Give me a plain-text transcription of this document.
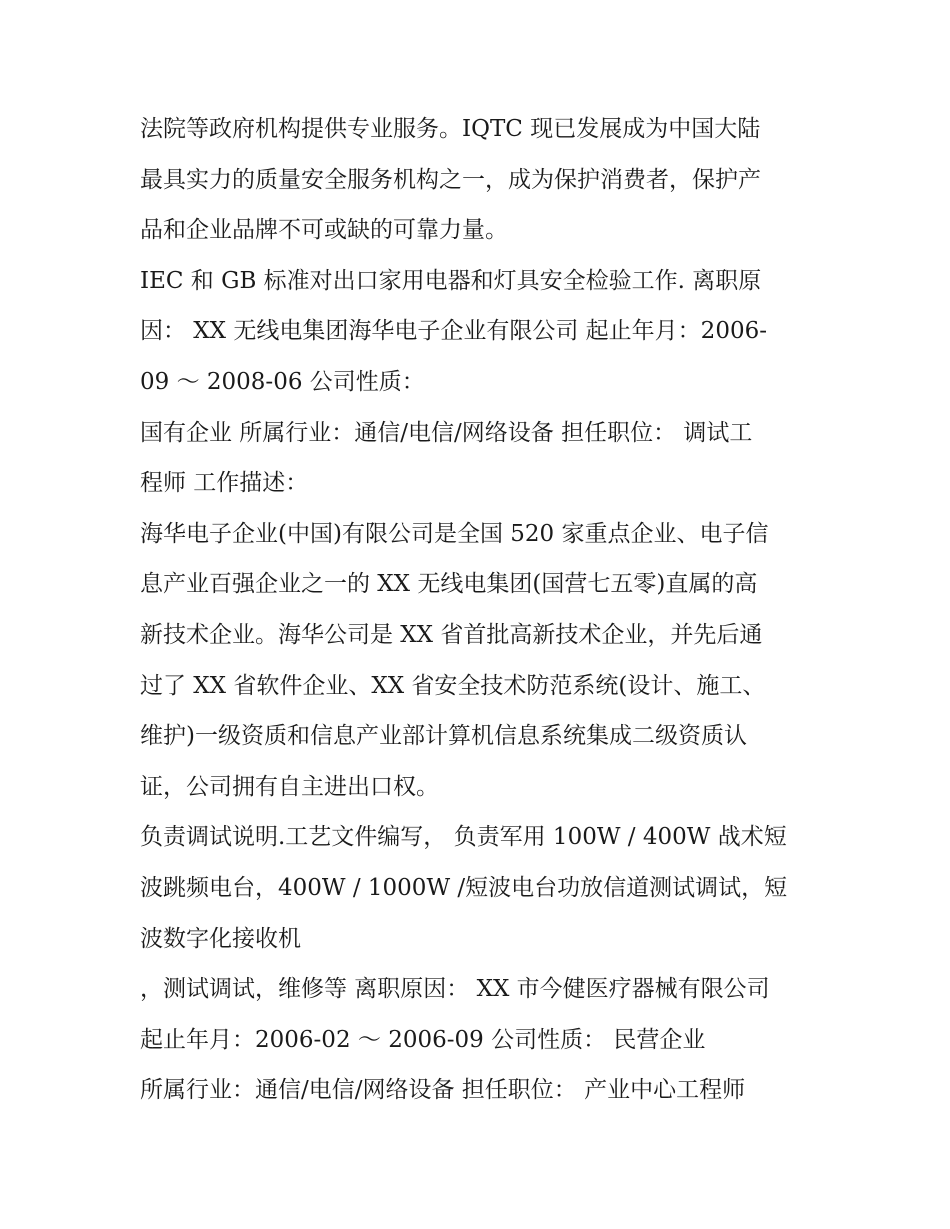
法院等政府机构提供专业服务。IQTC 现已发展成为中国大陆
最具实力的质量安全服务机构之一，成为保护消费者，保护产
品和企业品牌不可或缺的可靠力量。
IEC 和 GB 标准对出口家用电器和灯具安全检验工作. 离职原
因： XX 无线电集团海华电子企业有限公司 起止年月：2006-
09 ～ 2008-06 公司性质：
国有企业 所属行业：通信/电信/网络设备 担任职位： 调试工
程师 工作描述：
海华电子企业(中国)有限公司是全国 520 家重点企业、电子信
息产业百强企业之一的 XX 无线电集团(国营七五零)直属的高
新技术企业。海华公司是 XX 省首批高新技术企业，并先后通
过了 XX 省软件企业、XX 省安全技术防范系统(设计、施工、
维护)一级资质和信息产业部计算机信息系统集成二级资质认
证，公司拥有自主进出口权。
负责调试说明.工艺文件编写， 负责军用 100W / 400W 战术短
波跳频电台，400W / 1000W /短波电台功放信道测试调试，短
波数字化接收机
，测试调试，维修等 离职原因： XX 市今健医疗器械有限公司
起止年月：2006-02 ～ 2006-09 公司性质： 民营企业
所属行业：通信/电信/网络设备 担任职位： 产业中心工程师
